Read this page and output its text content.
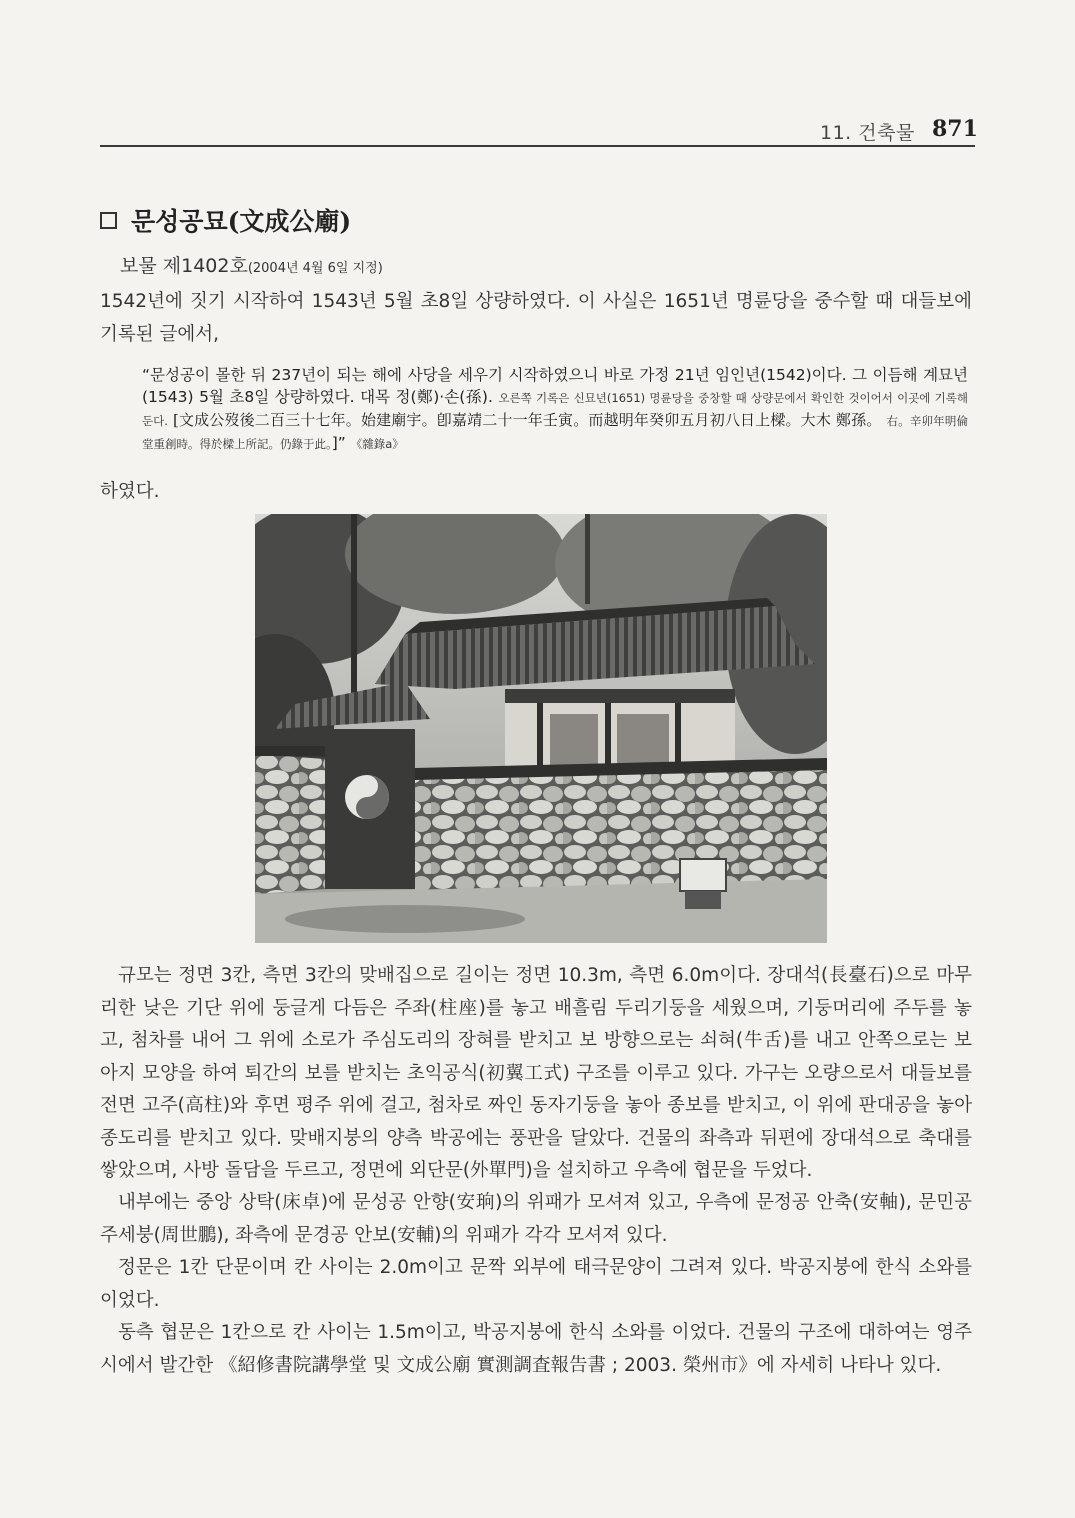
11. 건축물 871
문성공묘(文成公廟)
보물 제1402호(2004년 4월 6일 지정)

1542년에 짓기 시작하여 1543년 5월 초8일 상량하였다. 이 사실은 1651년 명륜당을 중수할 때 대들보에 기록된 글에서,

“문성공이 몰한 뒤 237년이 되는 해에 사당을 세우기 시작하였으니 바로 가정 21년 임인년(1542)이다. 그 이듬해 계묘년(1543) 5월 초8일 상량하였다. 대목 정(鄭)·손(孫). 오른쪽 기록은 신묘년(1651) 명륜당을 중창할 때 상량문에서 확인한 것이어서 이곳에 기록해 둔다. [文成公歿後二百三十七年。始建廟宇。卽嘉靖二十一年壬寅。而越明年癸卯五月初八日上樑。大木 鄭孫。 右。辛卯年明倫堂重創時。得於樑上所記。仍錄于此。]” 《雜錄a》

하였다.

규모는 정면 3칸, 측면 3칸의 맞배집으로 길이는 정면 10.3m, 측면 6.0m이다. 장대석(長臺石)으로 마무리한 낮은 기단 위에 둥글게 다듬은 주좌(柱座)를 놓고 배흘림 두리기둥을 세웠으며, 기둥머리에 주두를 놓고, 첨차를 내어 그 위에 소로가 주심도리의 장혀를 받치고 보 방향으로는 쇠혀(牛舌)를 내고 안쪽으로는 보아지 모양을 하여 퇴간의 보를 받치는 초익공식(初翼工式) 구조를 이루고 있다. 가구는 오량으로서 대들보를 전면 고주(高柱)와 후면 평주 위에 걸고, 첨차로 짜인 동자기둥을 놓아 종보를 받치고, 이 위에 판대공을 놓아 종도리를 받치고 있다. 맞배지붕의 양측 박공에는 풍판을 달았다. 건물의 좌측과 뒤편에 장대석으로 축대를 쌓았으며, 사방 돌담을 두르고, 정면에 외단문(外單門)을 설치하고 우측에 협문을 두었다.

내부에는 중앙 상탁(床卓)에 문성공 안향(安珦)의 위패가 모셔져 있고, 우측에 문정공 안축(安軸), 문민공 주세붕(周世鵬), 좌측에 문경공 안보(安輔)의 위패가 각각 모셔져 있다.

정문은 1칸 단문이며 칸 사이는 2.0m이고 문짝 외부에 태극문양이 그려져 있다. 박공지붕에 한식 소와를 이었다.

동측 협문은 1칸으로 칸 사이는 1.5m이고, 박공지붕에 한식 소와를 이었다. 건물의 구조에 대하여는 영주시에서 발간한 《紹修書院講學堂 및 文成公廟 實測調査報告書 ; 2003. 榮州市》에 자세히 나타나 있다.
